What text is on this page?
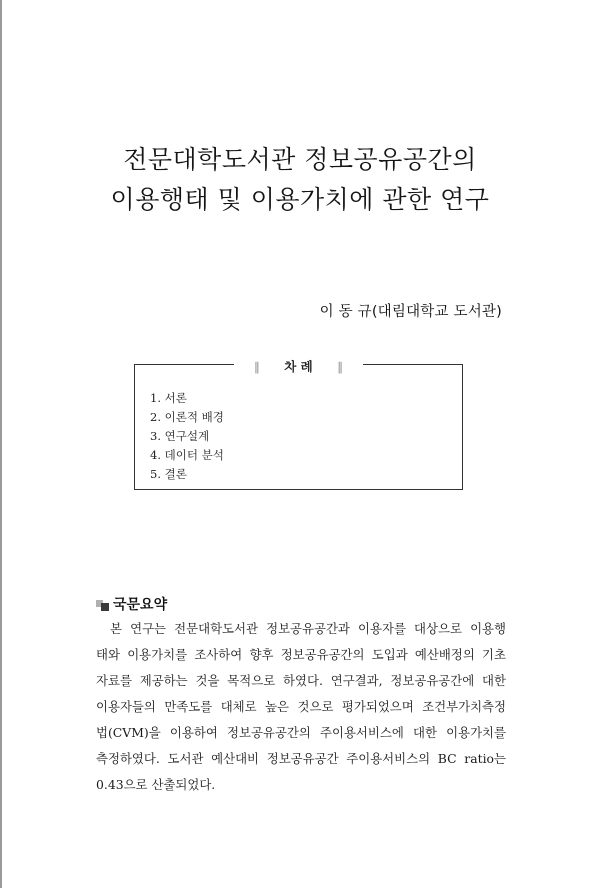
전문대학도서관 정보공유공간의
이용행태 및 이용가치에 관한 연구
이 동 규(대림대학교 도서관)
∥ 차 례 ∥
1. 서론
2. 이론적 배경
3. 연구설계
4. 데이터 분석
5. 결론
국문요약
본 연구는 전문대학도서관 정보공유공간과 이용자를 대상으로 이용행
태와 이용가치를 조사하여 향후 정보공유공간의 도입과 예산배정의 기초
자료를 제공하는 것을 목적으로 하였다. 연구결과, 정보공유공간에 대한
이용자들의 만족도를 대체로 높은 것으로 평가되었으며 조건부가치측정
법(CVM)을 이용하여 정보공유공간의 주이용서비스에 대한 이용가치를
측정하였다. 도서관 예산대비 정보공유공간 주이용서비스의 BC ratio는
0.43으로 산출되었다.
